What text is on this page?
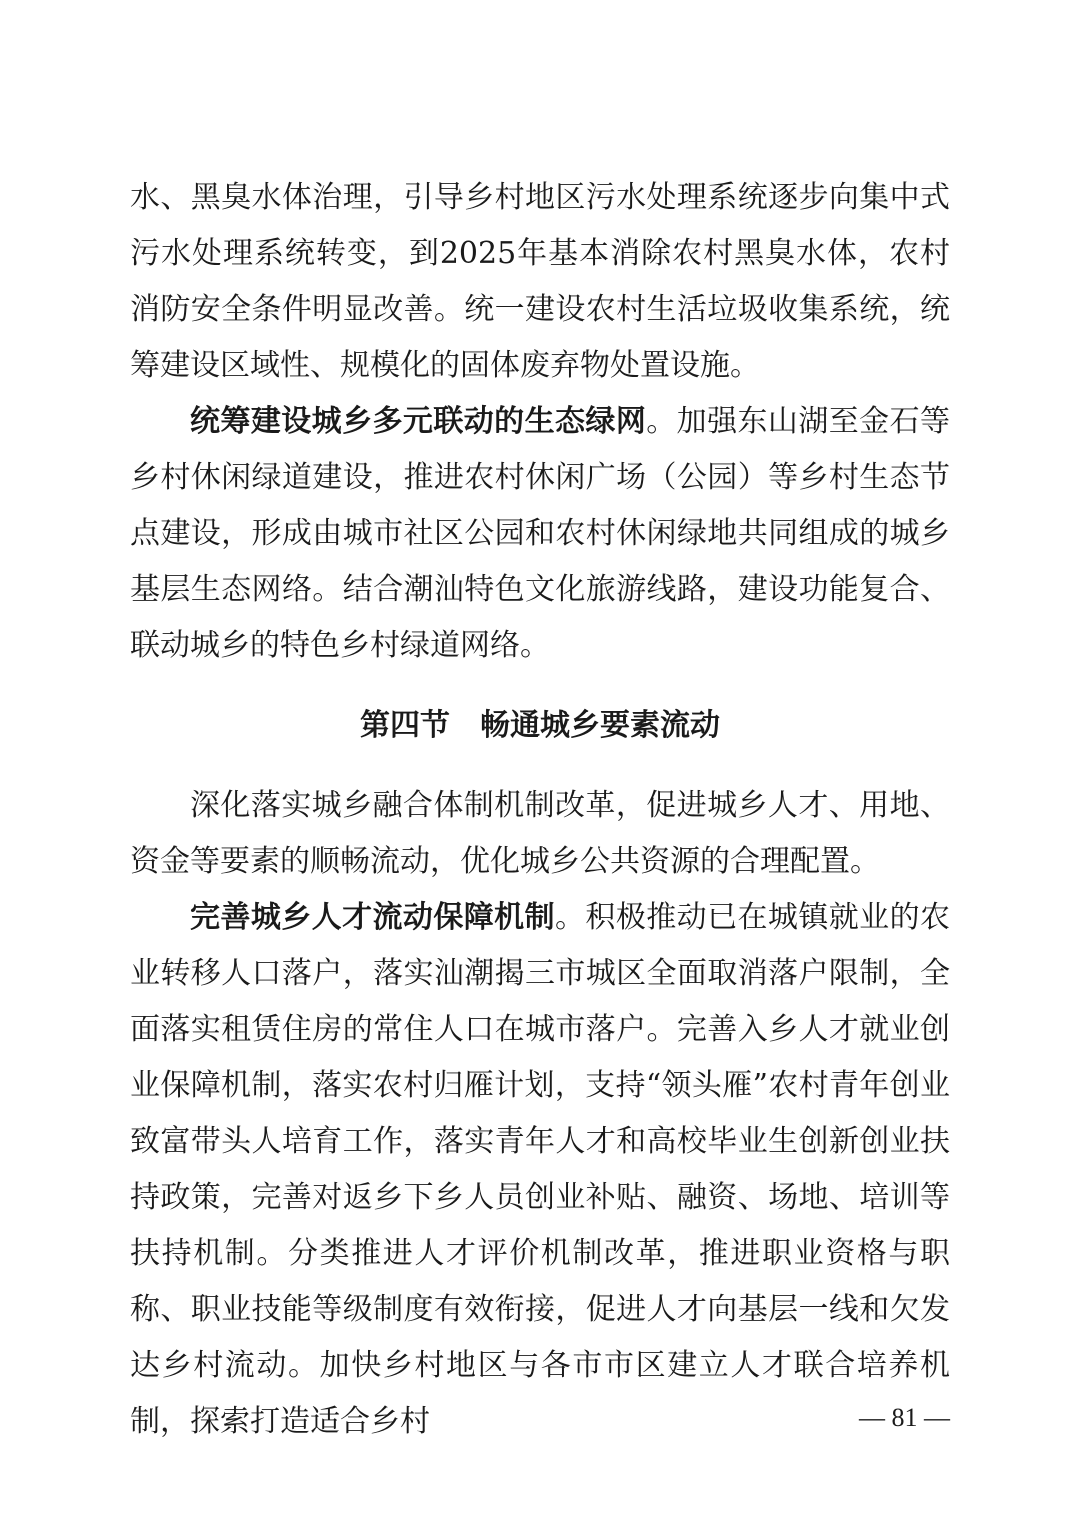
水、黑臭水体治理，引导乡村地区污水处理系统逐步向集中式污水处理系统转变，到2025年基本消除农村黑臭水体，农村消防安全条件明显改善。统一建设农村生活垃圾收集系统，统筹建设区域性、规模化的固体废弃物处置设施。

统筹建设城乡多元联动的生态绿网。加强东山湖至金石等乡村休闲绿道建设，推进农村休闲广场（公园）等乡村生态节点建设，形成由城市社区公园和农村休闲绿地共同组成的城乡基层生态网络。结合潮汕特色文化旅游线路，建设功能复合、联动城乡的特色乡村绿道网络。

第四节　畅通城乡要素流动

深化落实城乡融合体制机制改革，促进城乡人才、用地、资金等要素的顺畅流动，优化城乡公共资源的合理配置。

完善城乡人才流动保障机制。积极推动已在城镇就业的农业转移人口落户，落实汕潮揭三市城区全面取消落户限制，全面落实租赁住房的常住人口在城市落户。完善入乡人才就业创业保障机制，落实农村归雁计划，支持“领头雁”农村青年创业致富带头人培育工作，落实青年人才和高校毕业生创新创业扶持政策，完善对返乡下乡人员创业补贴、融资、场地、培训等扶持机制。分类推进人才评价机制改革，推进职业资格与职称、职业技能等级制度有效衔接，促进人才向基层一线和欠发达乡村流动。加快乡村地区与各市市区建立人才联合培养机制，探索打造适合乡村	— 81 —
